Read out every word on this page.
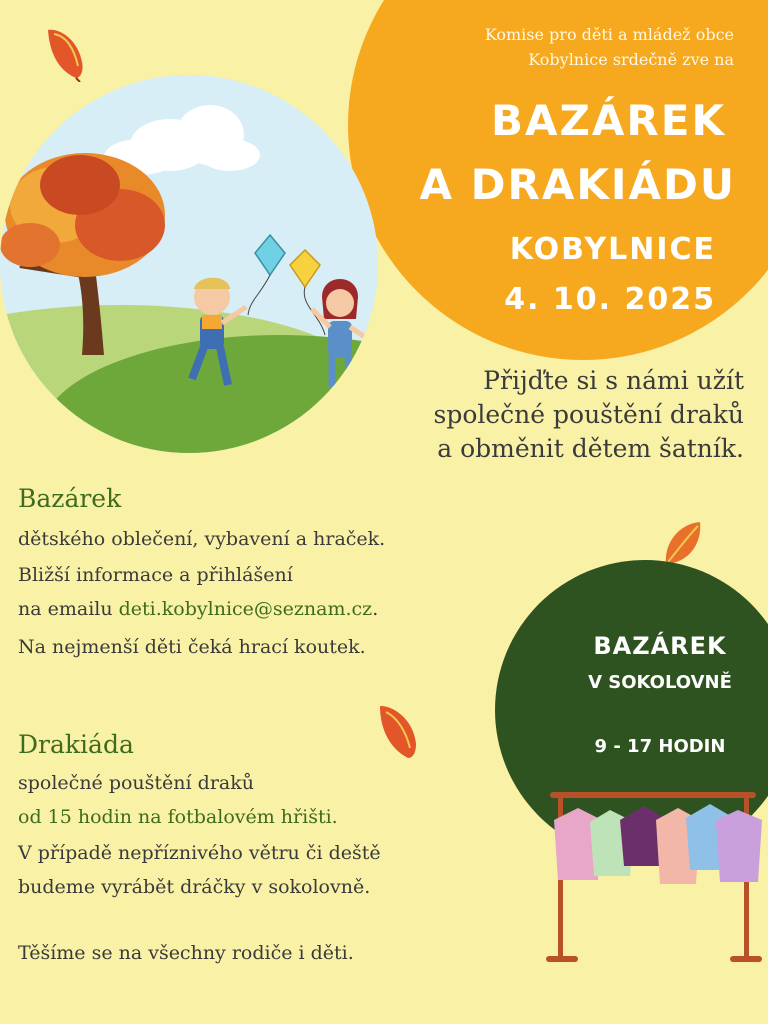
Komise pro děti a mládež obce
Kobylnice srdečně zve na
BAZÁREK
A DRAKIÁDU
KOBYLNICE
4. 10. 2025
Přijďte si s námi užít
společné pouštění draků
a obměnit dětem šatník.
Bazárek
dětského oblečení, vybavení a hraček.
Bližší informace a přihlášení
na emailu deti.kobylnice@seznam.cz.
Na nejmenší děti čeká hrací koutek.
Drakiáda
společné pouštění draků
od 15 hodin na fotbalovém hřišti.
V případě nepříznivého větru či deště
budeme vyrábět dráčky v sokolovně.
Těšíme se na všechny rodiče i děti.
BAZÁREK
V SOKOLOVNĚ
9 - 17 HODIN
